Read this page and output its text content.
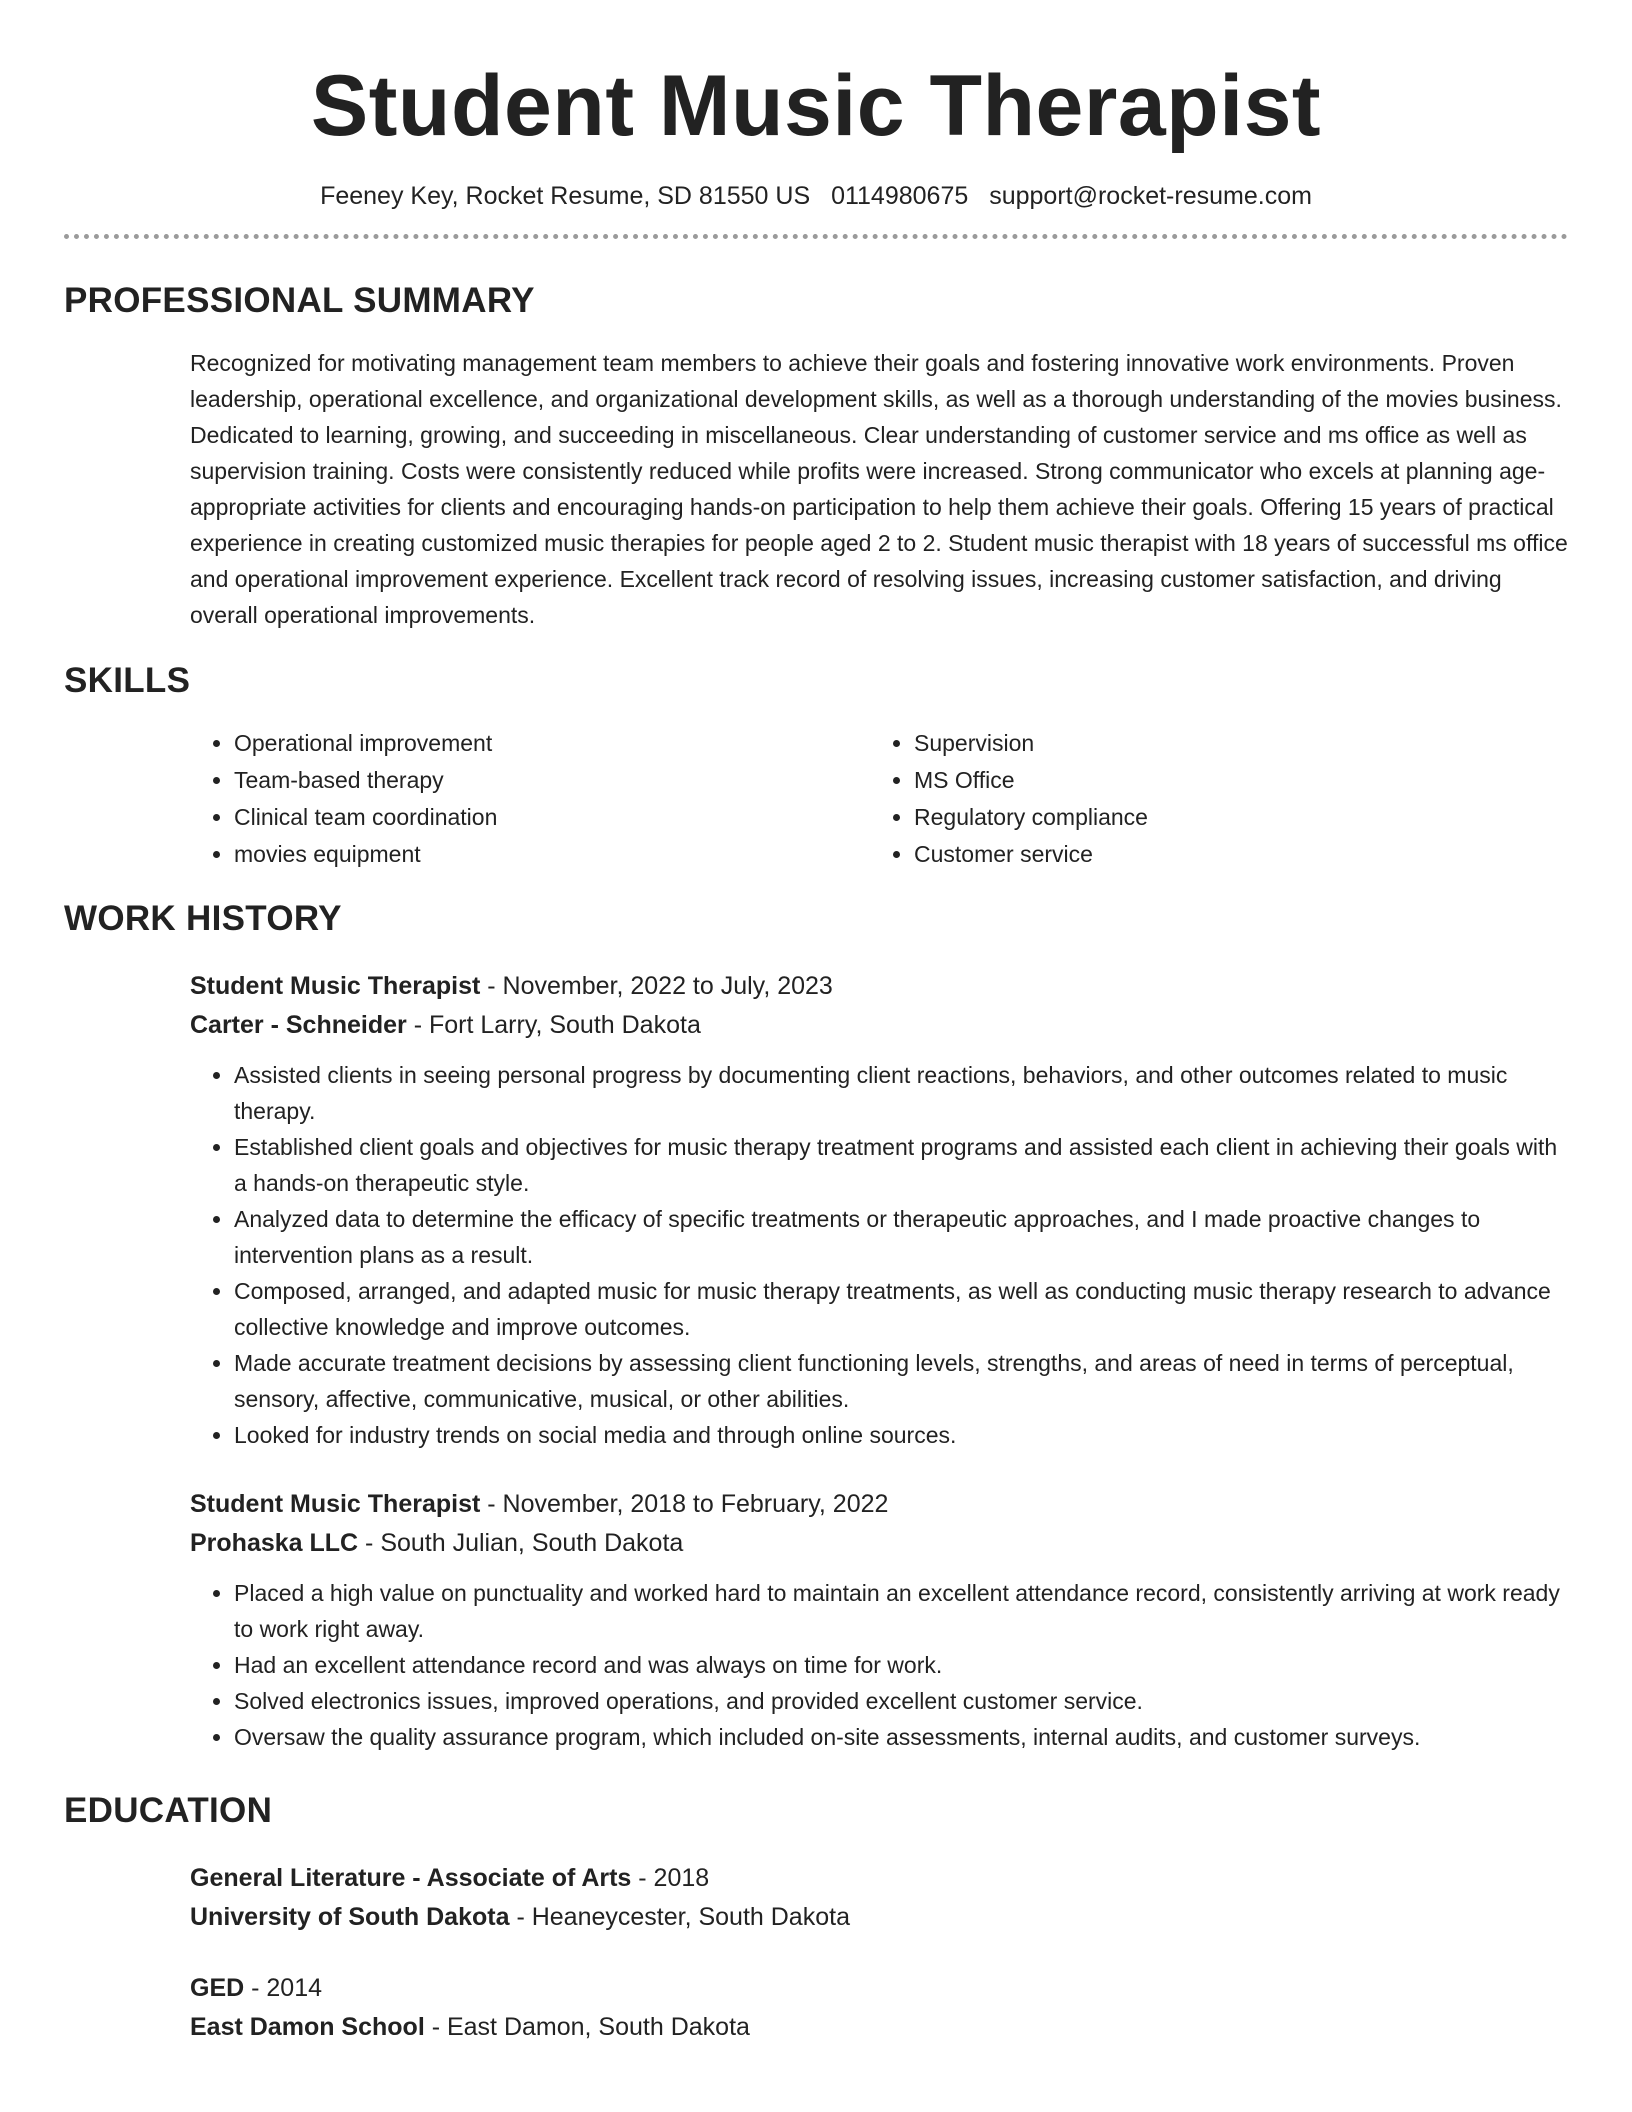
Student Music Therapist
Feeney Key, Rocket Resume, SD 81550 US 0114980675 support@rocket-resume.com
PROFESSIONAL SUMMARY
Recognized for motivating management team members to achieve their goals and fostering innovative work environments. Proven leadership, operational excellence, and organizational development skills, as well as a thorough understanding of the movies business. Dedicated to learning, growing, and succeeding in miscellaneous. Clear understanding of customer service and ms office as well as supervision training. Costs were consistently reduced while profits were increased. Strong communicator who excels at planning age-appropriate activities for clients and encouraging hands-on participation to help them achieve their goals. Offering 15 years of practical experience in creating customized music therapies for people aged 2 to 2. Student music therapist with 18 years of successful ms office and operational improvement experience. Excellent track record of resolving issues, increasing customer satisfaction, and driving overall operational improvements.
SKILLS
• Operational improvement
• Team-based therapy
• Clinical team coordination
• movies equipment
• Supervision
• MS Office
• Regulatory compliance
• Customer service
WORK HISTORY
Student Music Therapist - November, 2022 to July, 2023
Carter - Schneider - Fort Larry, South Dakota
• Assisted clients in seeing personal progress by documenting client reactions, behaviors, and other outcomes related to music therapy.
• Established client goals and objectives for music therapy treatment programs and assisted each client in achieving their goals with a hands-on therapeutic style.
• Analyzed data to determine the efficacy of specific treatments or therapeutic approaches, and I made proactive changes to intervention plans as a result.
• Composed, arranged, and adapted music for music therapy treatments, as well as conducting music therapy research to advance collective knowledge and improve outcomes.
• Made accurate treatment decisions by assessing client functioning levels, strengths, and areas of need in terms of perceptual, sensory, affective, communicative, musical, or other abilities.
• Looked for industry trends on social media and through online sources.
Student Music Therapist - November, 2018 to February, 2022
Prohaska LLC - South Julian, South Dakota
• Placed a high value on punctuality and worked hard to maintain an excellent attendance record, consistently arriving at work ready to work right away.
• Had an excellent attendance record and was always on time for work.
• Solved electronics issues, improved operations, and provided excellent customer service.
• Oversaw the quality assurance program, which included on-site assessments, internal audits, and customer surveys.
EDUCATION
General Literature - Associate of Arts - 2018
University of South Dakota - Heaneycester, South Dakota
GED - 2014
East Damon School - East Damon, South Dakota
